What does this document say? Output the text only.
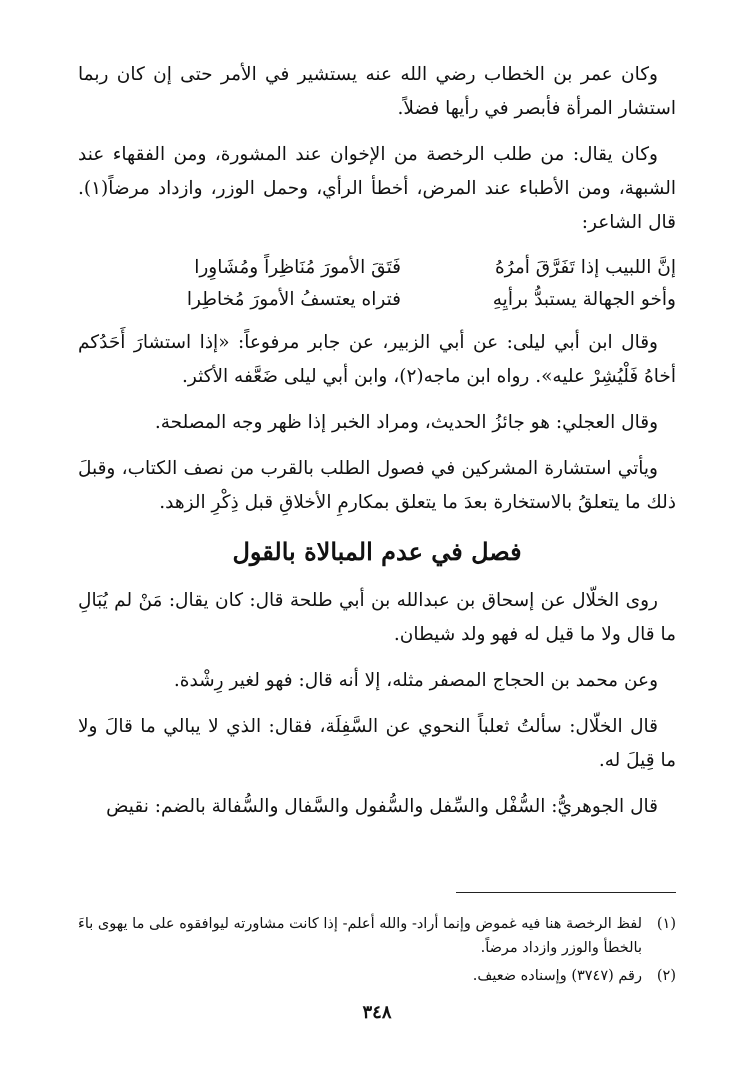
وكان عمر بن الخطاب رضي الله عنه يستشير في الأمر حتى إن كان ربما استشار المرأة فأبصر في رأيها فضلاً.

وكان يقال: من طلب الرخصة من الإخوان عند المشورة، ومن الفقهاء عند الشبهة، ومن الأطباء عند المرض، أخطأ الرأي، وحمل الوزر، وازداد مرضاً(١). قال الشاعر:

إنَّ اللبيب إذا تَفَرَّقَ أمرُهُ
فَتَقَ الأمورَ مُنَاظِراً ومُشَاوِرا
وأخو الجهالة يستبدُّ برأيِهِ
فتراه يعتسفُ الأمورَ مُخاطِرا

وقال ابن أبي ليلى: عن أبي الزبير، عن جابر مرفوعاً: «إذا استشارَ أَحَدُكم أخاهُ فَلْيُشِرْ عليه». رواه ابن ماجه(٢)، وابن أبي ليلى ضَعَّفه الأكثر.

وقال العجلي: هو جائزُ الحديث، ومراد الخبر إذا ظهر وجه المصلحة.

ويأتي استشارة المشركين في فصول الطلب بالقرب من نصف الكتاب، وقبلَ ذلك ما يتعلقُ بالاستخارة بعدَ ما يتعلق بمكارمِ الأخلاقِ قبل ذِكْرِ الزهد.

فصل في عدم المبالاة بالقول

روى الخلّال عن إسحاق بن عبدالله بن أبي طلحة قال: كان يقال: مَنْ لم يُبَالِ ما قال ولا ما قيل له فهو ولد شيطان.

وعن محمد بن الحجاج المصفر مثله، إلا أنه قال: فهو لغير رِشْدة.

قال الخلّال: سألتُ ثعلباً النحوي عن السَّفِلَة، فقال: الذي لا يبالي ما قالَ ولا ما قِيلَ له.

قال الجوهريُّ: السُّفْل والسِّفل والسُّفول والسَّفال والسُّفالة بالضم: نقيض

(١)
لفظ الرخصة هنا فيه غموض وإنما أراد- والله أعلم- إذا كانت مشاورته ليوافقوه على ما يهوى باءَ بالخطأ والوزر وازداد مرضاً.
(٢)
رقم (٣٧٤٧) وإسناده ضعيف.
٣٤٨
